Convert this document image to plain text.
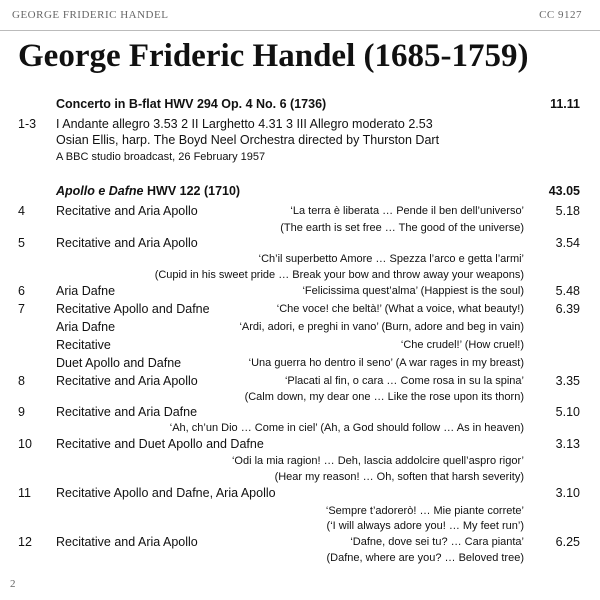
GEORGE FRIDERIC HANDEL	CC 9127
George Frideric Handel (1685-1759)
Concerto in B-flat HWV 294 Op. 4 No. 6 (1736)	11.11
1-3 I Andante allegro 3.53 2 II Larghetto 4.31 3 III Allegro moderato 2.53
Osian Ellis, harp. The Boyd Neel Orchestra directed by Thurston Dart
A BBC studio broadcast, 26 February 1957
Apollo e Dafne HWV 122 (1710)	43.05
4 Recitative and Aria Apollo	‘La terra è liberata … Pende il ben dell’universo’	5.18
(The earth is set free … The good of the universe)
5 Recitative and Aria Apollo	3.54
‘Ch’il superbetto Amore … Spezza l’arco e getta l’armi’
(Cupid in his sweet pride … Break your bow and throw away your weapons)
6 Aria Dafne	‘Felicissima quest’alma’ (Happiest is the soul)	5.48
7 Recitative Apollo and Dafne	‘Che voce! che beltà!’ (What a voice, what beauty!)	6.39
Aria Dafne	‘Ardi, adori, e preghi in vano’ (Burn, adore and beg in vain)
Recitative	‘Che crudel!’ (How cruel!)
Duet Apollo and Dafne	‘Una guerra ho dentro il seno’ (A war rages in my breast)
8 Recitative and Aria Apollo	‘Placati al fin, o cara … Come rosa in su la spina’	3.35
(Calm down, my dear one … Like the rose upon its thorn)
9 Recitative and Aria Dafne	5.10
‘Ah, ch’un Dio … Come in ciel’ (Ah, a God should follow … As in heaven)
10 Recitative and Duet Apollo and Dafne	3.13
‘Odi la mia ragion! … Deh, lascia addolcire quell’aspro rigor’
(Hear my reason! … Oh, soften that harsh severity)
11 Recitative Apollo and Dafne, Aria Apollo	3.10
‘Sempre t’adorerò! … Mie piante correte’
(‘I will always adore you! … My feet run’)
12 Recitative and Aria Apollo	‘Dafne, dove sei tu? … Cara pianta’	6.25
(Dafne, where are you? … Beloved tree)
2
